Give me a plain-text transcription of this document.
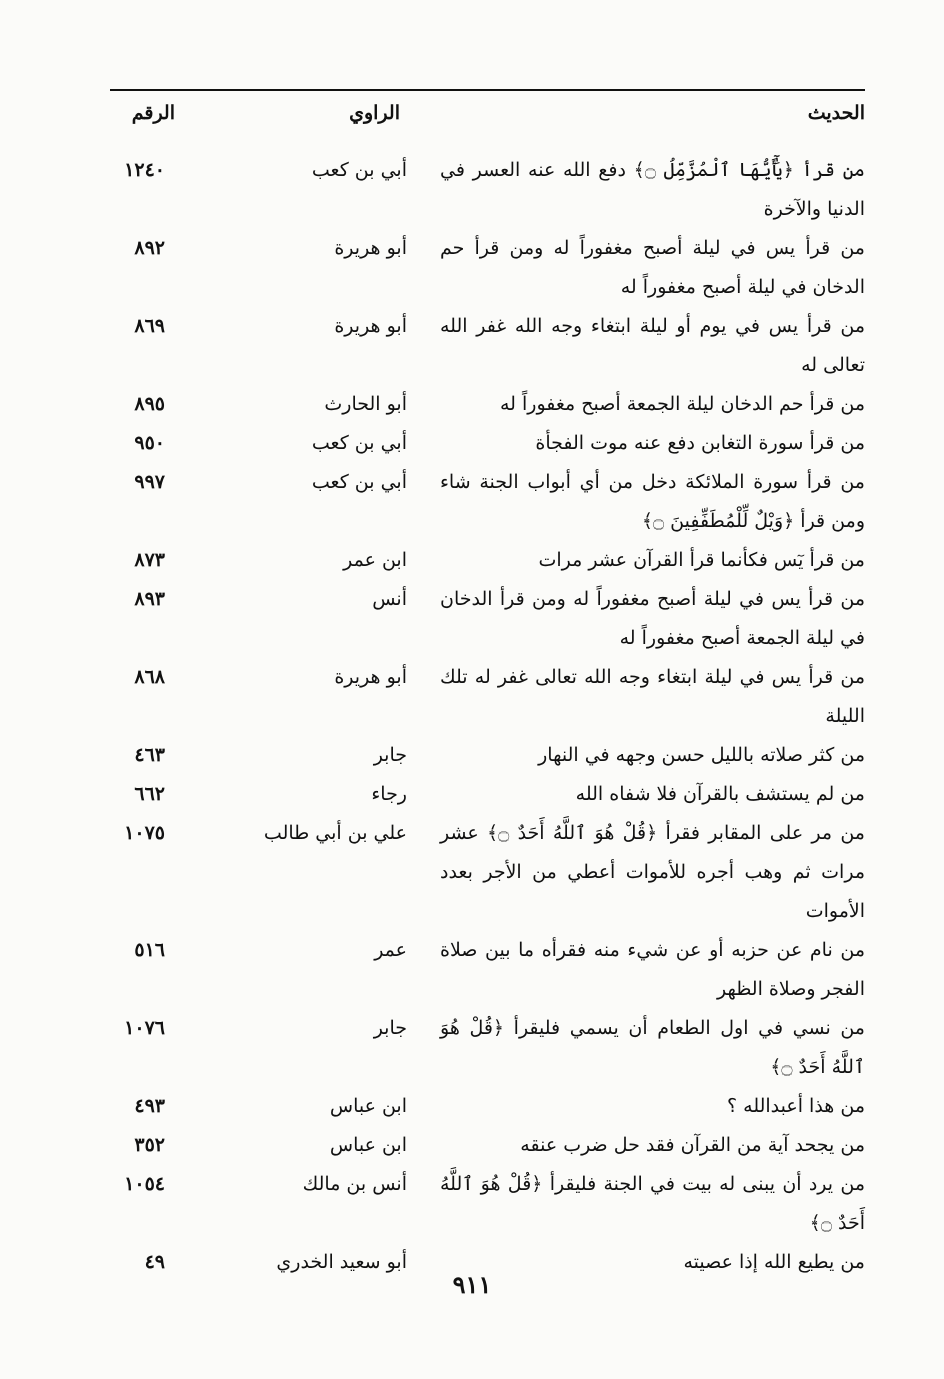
الحديث
الراوي
الرقم
من قرأ ﴿يَٰٓأَيُّهَا ٱلْمُزَّمِّلُ ۝﴾ دفع الله عنه العسر في الدنيا والآخرة
أبي بن كعب
١٢٤٠
من قرأ يس في ليلة أصبح مغفوراً له ومن قرأ حم الدخان في ليلة أصبح مغفوراً له
أبو هريرة
٨٩٢
من قرأ يس في يوم أو ليلة ابتغاء وجه الله غفر الله تعالى له
أبو هريرة
٨٦٩
من قرأ حم الدخان ليلة الجمعة أصبح مغفوراً له
أبو الحارث
٨٩٥
من قرأ سورة التغابن دفع عنه موت الفجأة
أبي بن كعب
٩٥٠
من قرأ سورة الملائكة دخل من أي أبواب الجنة شاء ومن قرأ ﴿وَيْلٌ لِّلْمُطَفِّفِينَ ۝﴾
أبي بن كعب
٩٩٧
من قرأ يٓس فكأنما قرأ القرآن عشر مرات
ابن عمر
٨٧٣
من قرأ يس في ليلة أصبح مغفوراً له ومن قرأ الدخان في ليلة الجمعة أصبح مغفوراً له
أنس
٨٩٣
من قرأ يس في ليلة ابتغاء وجه الله تعالى غفر له تلك الليلة
أبو هريرة
٨٦٨
من كثر صلاته بالليل حسن وجهه في النهار
جابر
٤٦٣
من لم يستشف بالقرآن فلا شفاه الله
رجاء
٦٦٢
من مر على المقابر فقرأ ﴿قُلْ هُوَ ٱللَّهُ أَحَدٌ ۝﴾ عشر مرات ثم وهب أجره للأموات أعطي من الأجر بعدد الأموات
علي بن أبي طالب
١٠٧٥
من نام عن حزبه أو عن شيء منه فقرأه ما بين صلاة الفجر وصلاة الظهر
عمر
٥١٦
من نسي في اول الطعام أن يسمي فليقرأ ﴿قُلْ هُوَ ٱللَّهُ أَحَدٌ ۝﴾
جابر
١٠٧٦
من هذا أعبدالله ؟
ابن عباس
٤٩٣
من يجحد آية من القرآن فقد حل ضرب عنقه
ابن عباس
٣٥٢
من يرد أن يبنى له بيت في الجنة فليقرأ ﴿قُلْ هُوَ ٱللَّهُ أَحَدٌ ۝﴾
أنس بن مالك
١٠٥٤
من يطيع الله إذا عصيته
أبو سعيد الخدري
٤٩
٩١١
